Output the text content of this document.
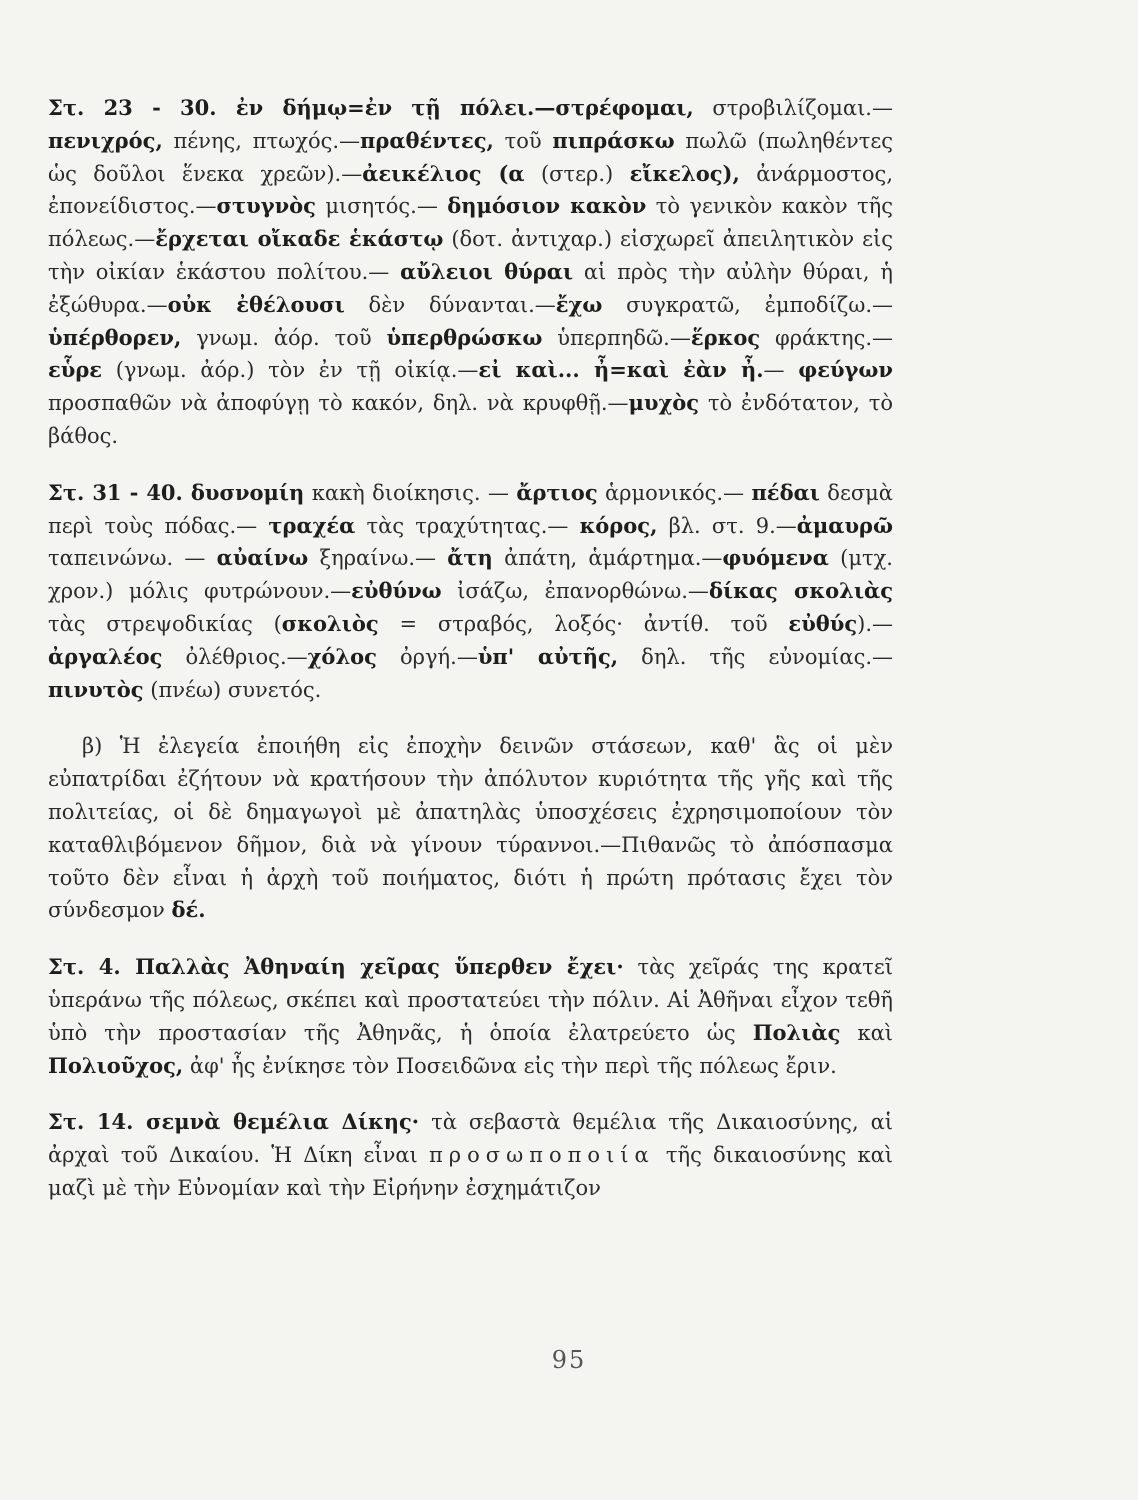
Στ. 23 - 30. ἐν δήμῳ=ἐν τῇ πόλει.—στρέφομαι, στροβιλίζομαι.—πενιχρός, πένης, πτωχός.—πραθέντες, τοῦ πιπράσκω πωλῶ (πωληθέντες ὡς δοῦλοι ἕνεκα χρεῶν).—ἀεικέλιος (α (στερ.) εἴκελος), ἀνάρμοστος, ἐπονείδιστος.—στυγνὸς μισητός.— δημόσιον κακὸν τὸ γενικὸν κακὸν τῆς πόλεως.—ἔρχεται οἴκαδε ἑκάστῳ (δοτ. ἀντιχαρ.) εἰσχωρεῖ ἀπειλητικὸν εἰς τὴν οἰκίαν ἑκάστου πολίτου.— αὔλειοι θύραι αἱ πρὸς τὴν αὐλὴν θύραι, ἡ ἐξώθυρα.—οὐκ ἐθέλουσι δὲν δύνανται.—ἔχω συγκρατῶ, ἐμποδίζω.—ὑπέρθορεν, γνωμ. ἀόρ. τοῦ ὑπερθρώσκω ὑπερπηδῶ.—ἕρκος φράκτης.—εὗρε (γνωμ. ἀόρ.) τὸν ἐν τῇ οἰκίᾳ.—εἰ καὶ... ἦ=καὶ ἐὰν ἦ.— φεύγων προσπαθῶν νὰ ἀποφύγῃ τὸ κακόν, δηλ. νὰ κρυφθῇ.—μυχὸς τὸ ἐνδότατον, τὸ βάθος.

Στ. 31 - 40. δυσνομίη κακὴ διοίκησις. — ἄρτιος ἁρμονικός.— πέδαι δεσμὰ περὶ τοὺς πόδας.— τραχέα τὰς τραχύτητας.— κόρος, βλ. στ. 9.—ἀμαυρῶ ταπεινώνω. — αὐαίνω ξηραίνω.— ἄτη ἀπάτη, ἁμάρτημα.—φυόμενα (μτχ. χρον.) μόλις φυτρώνουν.—εὐθύνω ἰσάζω, ἐπανορθώνω.—δίκας σκολιὰς τὰς στρεψοδικίας (σκολιὸς = στραβός, λοξός· ἀντίθ. τοῦ εὐθύς).—ἀργαλέος ὀλέθριος.—χόλος ὀργή.—ὑπ' αὐτῆς, δηλ. τῆς εὐνομίας.— πινυτὸς (πνέω) συνετός.

β) Ἡ ἐλεγεία ἐποιήθη εἰς ἐποχὴν δεινῶν στάσεων, καθ' ἃς οἱ μὲν εὐπατρίδαι ἐζήτουν νὰ κρατήσουν τὴν ἀπόλυτον κυριότητα τῆς γῆς καὶ τῆς πολιτείας, οἱ δὲ δημαγωγοὶ μὲ ἀπατηλὰς ὑποσχέσεις ἐχρησιμοποίουν τὸν καταθλιβόμενον δῆμον, διὰ νὰ γίνουν τύραννοι.—Πιθανῶς τὸ ἀπόσπασμα τοῦτο δὲν εἶναι ἡ ἀρχὴ τοῦ ποιήματος, διότι ἡ πρώτη πρότασις ἔχει τὸν σύνδεσμον δέ.

Στ. 4. Παλλὰς Ἀθηναίη χεῖρας ὕπερθεν ἔχει· τὰς χεῖράς της κρατεῖ ὑπεράνω τῆς πόλεως, σκέπει καὶ προστατεύει τὴν πόλιν. Αἱ Ἀθῆναι εἶχον τεθῆ ὑπὸ τὴν προστασίαν τῆς Ἀθηνᾶς, ἡ ὁποία ἐλατρεύετο ὡς Πολιὰς καὶ Πολιοῦχος, ἀφ' ἧς ἐνίκησε τὸν Ποσειδῶνα εἰς τὴν περὶ τῆς πόλεως ἔριν.

Στ. 14. σεμνὰ θεμέλια Δίκης· τὰ σεβαστὰ θεμέλια τῆς Δικαιοσύνης, αἱ ἀρχαὶ τοῦ Δικαίου. Ἡ Δίκη εἶναι προσωποποιία τῆς δικαιοσύνης καὶ μαζὶ μὲ τὴν Εὐνομίαν καὶ τὴν Εἰρήνην ἐσχημάτιζον

95
